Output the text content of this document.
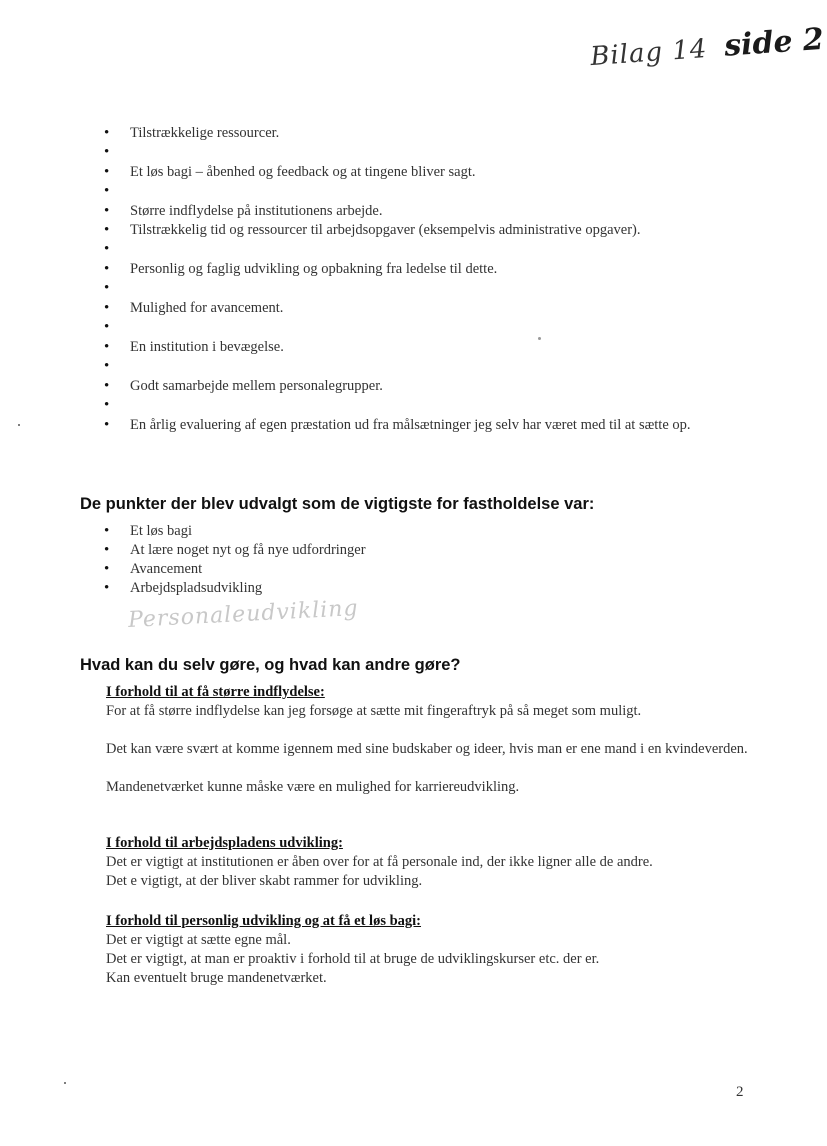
Bilag 14 side 2
• Tilstrækkelige ressourcer.
•
• Et løs bagi – åbenhed og feedback og at tingene bliver sagt.
•
• Større indflydelse på institutionens arbejde.
• Tilstrækkelig tid og ressourcer til arbejdsopgaver (eksempelvis administrative opgaver).
•
• Personlig og faglig udvikling og opbakning fra ledelse til dette.
•
• Mulighed for avancement.
•
• En institution i bevægelse.
•
• Godt samarbejde mellem personalegrupper.
•
• En årlig evaluering af egen præstation ud fra målsætninger jeg selv har været med til at sætte op.
De punkter der blev udvalgt som de vigtigste for fastholdelse var:
• Et løs bagi
• At lære noget nyt og få nye udfordringer
• Avancement
• Arbejdspladsudvikling
Personaleudvikling
Hvad kan du selv gøre, og hvad kan andre gøre?

I forhold til at få større indflydelse:

For at få større indflydelse kan jeg forsøge at sætte mit fingeraftryk på så meget som muligt.

Det kan være svært at komme igennem med sine budskaber og ideer, hvis man er ene mand i en kvindeverden.

Mandenetværket kunne måske være en mulighed for karriereudvikling.

I forhold til arbejdspladens udvikling:

Det er vigtigt at institutionen er åben over for at få personale ind, der ikke ligner alle de andre.

Det e vigtigt, at der bliver skabt rammer for udvikling.

I forhold til personlig udvikling og at få et løs bagi:

Det er vigtigt at sætte egne mål.

Det er vigtigt, at man er proaktiv i forhold til at bruge de udviklingskurser etc. der er.

Kan eventuelt bruge mandenetværket.

2
